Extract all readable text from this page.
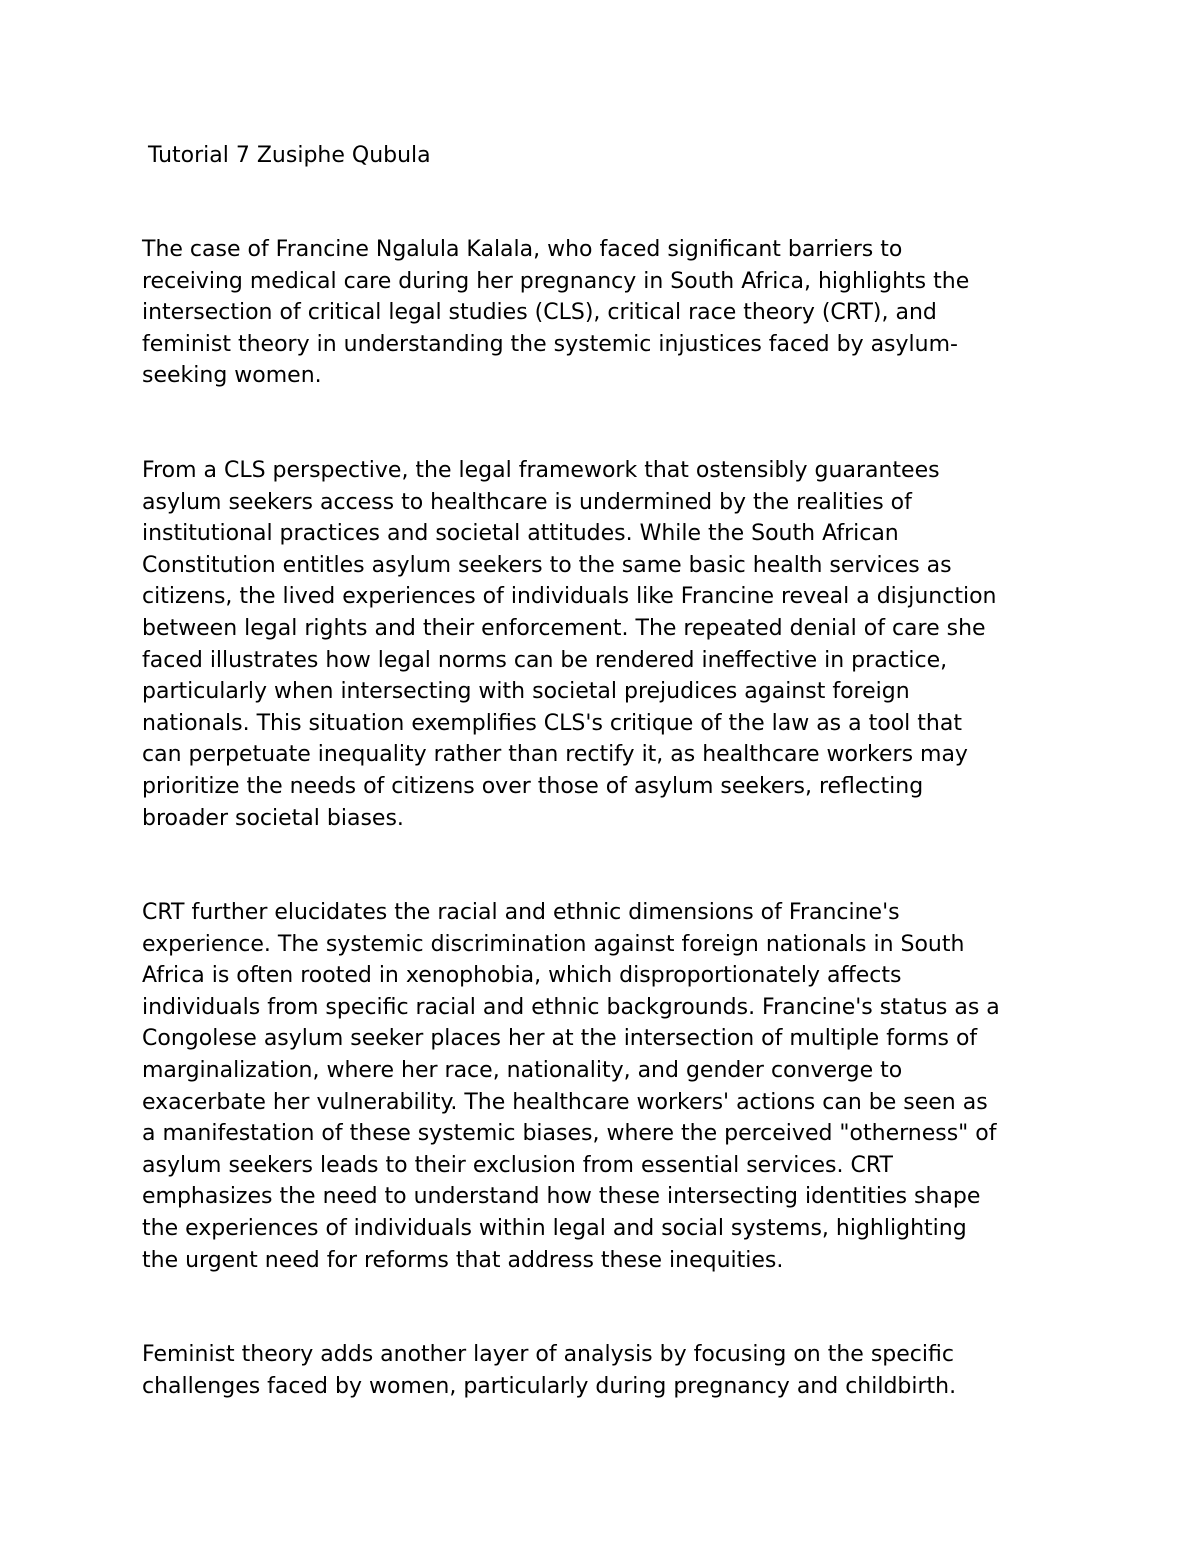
Tutorial 7 Zusiphe Qubula

The case of Francine Ngalula Kalala, who faced significant barriers to
receiving medical care during her pregnancy in South Africa, highlights the
intersection of critical legal studies (CLS), critical race theory (CRT), and
feminist theory in understanding the systemic injustices faced by asylum-
seeking women.

From a CLS perspective, the legal framework that ostensibly guarantees
asylum seekers access to healthcare is undermined by the realities of
institutional practices and societal attitudes. While the South African
Constitution entitles asylum seekers to the same basic health services as
citizens, the lived experiences of individuals like Francine reveal a disjunction
between legal rights and their enforcement. The repeated denial of care she
faced illustrates how legal norms can be rendered ineffective in practice,
particularly when intersecting with societal prejudices against foreign
nationals. This situation exemplifies CLS's critique of the law as a tool that
can perpetuate inequality rather than rectify it, as healthcare workers may
prioritize the needs of citizens over those of asylum seekers, reflecting
broader societal biases.

CRT further elucidates the racial and ethnic dimensions of Francine's
experience. The systemic discrimination against foreign nationals in South
Africa is often rooted in xenophobia, which disproportionately affects
individuals from specific racial and ethnic backgrounds. Francine's status as a
Congolese asylum seeker places her at the intersection of multiple forms of
marginalization, where her race, nationality, and gender converge to
exacerbate her vulnerability. The healthcare workers' actions can be seen as
a manifestation of these systemic biases, where the perceived "otherness" of
asylum seekers leads to their exclusion from essential services. CRT
emphasizes the need to understand how these intersecting identities shape
the experiences of individuals within legal and social systems, highlighting
the urgent need for reforms that address these inequities.

Feminist theory adds another layer of analysis by focusing on the specific
challenges faced by women, particularly during pregnancy and childbirth.
